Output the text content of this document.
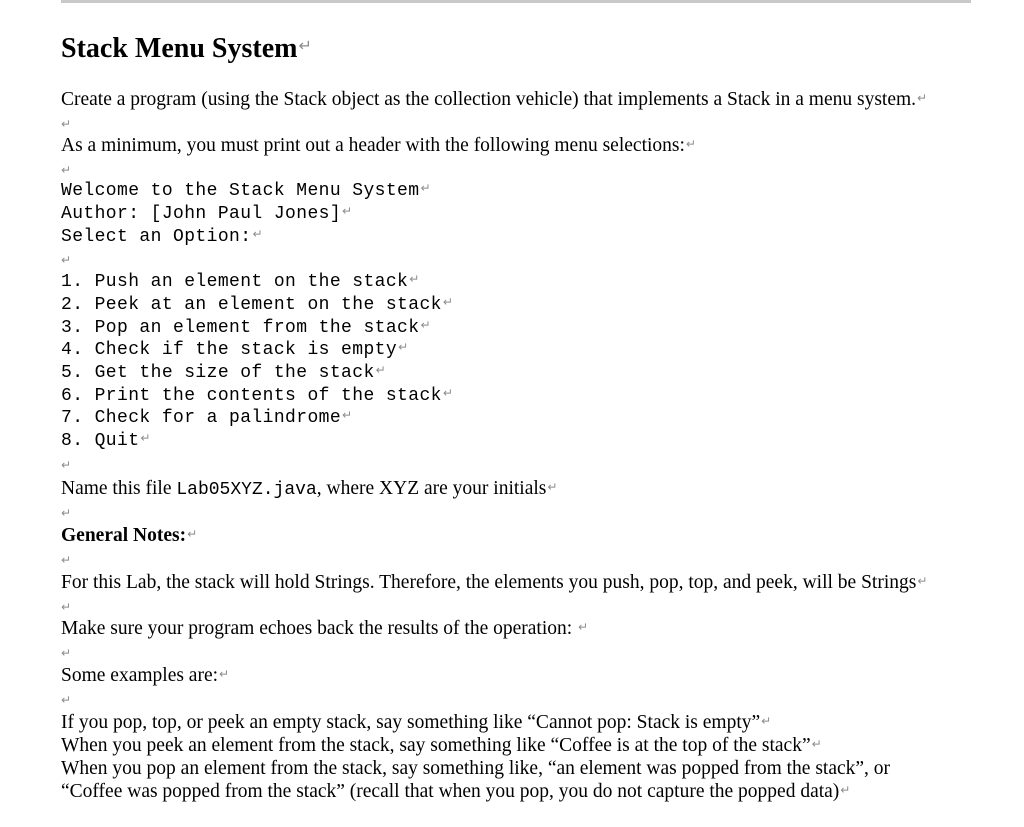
Stack Menu System↵
Create a program (using the Stack object as the collection vehicle) that implements a Stack in a menu system.↵
↵
As a minimum, you must print out a header with the following menu selections:↵
↵
Welcome to the Stack Menu System↵
Author: [John Paul Jones]↵
Select an Option:↵
↵
1. Push an element on the stack↵
2. Peek at an element on the stack↵
3. Pop an element from the stack↵
4. Check if the stack is empty↵
5. Get the size of the stack↵
6. Print the contents of the stack↵
7. Check for a palindrome↵
8. Quit↵
↵
Name this file Lab05XYZ.java, where XYZ are your initials↵
↵
General Notes:↵
↵
For this Lab, the stack will hold Strings. Therefore, the elements you push, pop, top, and peek, will be Strings↵
↵
Make sure your program echoes back the results of the operation: ↵
↵
Some examples are:↵
↵
If you pop, top, or peek an empty stack, say something like “Cannot pop: Stack is empty”↵
When you peek an element from the stack, say something like “Coffee is at the top of the stack”↵
When you pop an element from the stack, say something like, “an element was popped from the stack”, or
“Coffee was popped from the stack” (recall that when you pop, you do not capture the popped data)↵
